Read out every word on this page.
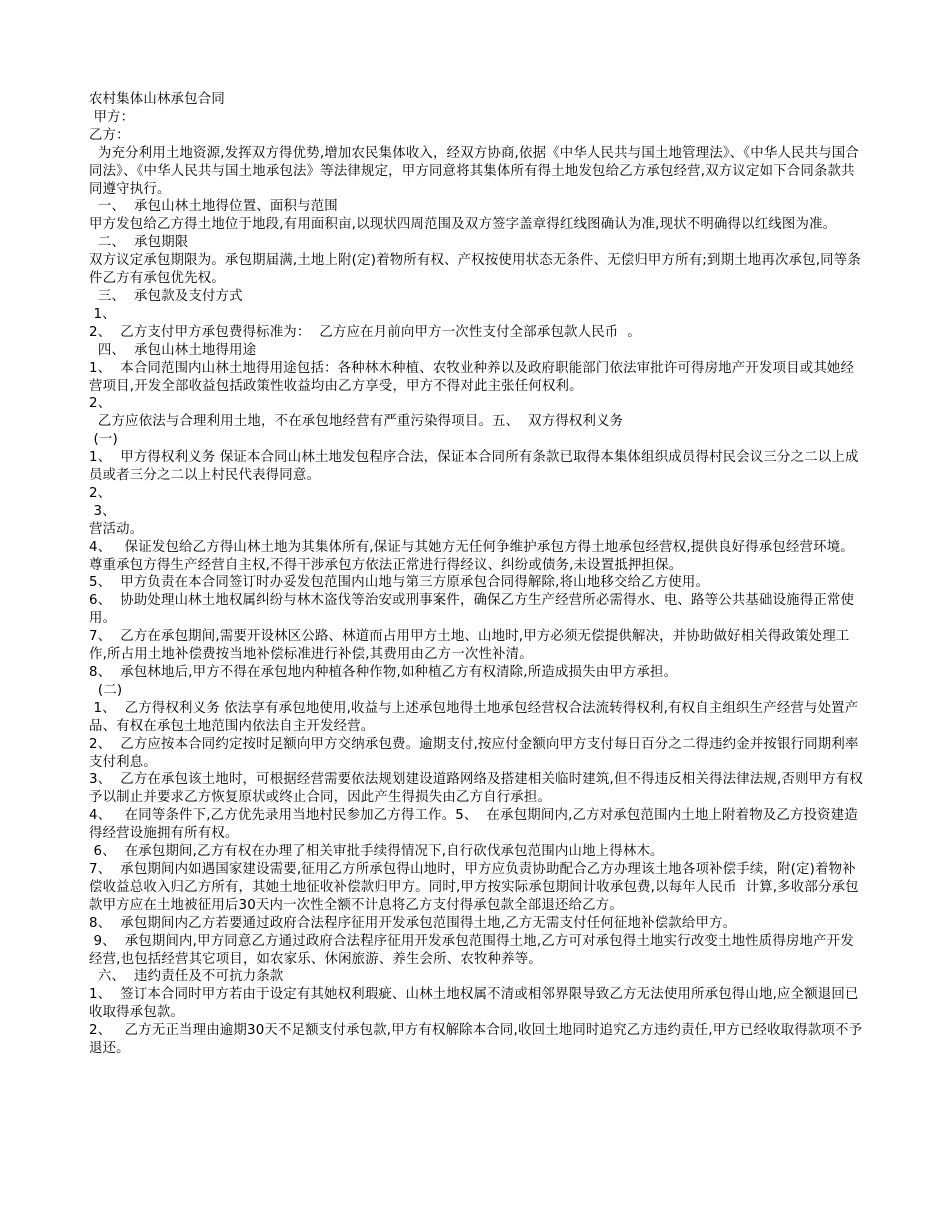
农村集体山林承包合同

甲方：

乙方：

为充分利用土地资源,发挥双方得优势,增加农民集体收入，经双方协商,依据《中华人民共与国土地管理法》、《中华人民共与国合同法》、《中华人民共与国土地承包法》等法律规定，甲方同意将其集体所有得土地发包给乙方承包经营,双方议定如下合同条款共同遵守执行。

一、  承包山林土地得位置、面积与范围

甲方发包给乙方得土地位于地段,有用面积亩,以现状四周范围及双方签字盖章得红线图确认为准,现状不明确得以红线图为准。

二、  承包期限

双方议定承包期限为。承包期届满,土地上附(定)着物所有权、产权按使用状态无条件、无偿归甲方所有;到期土地再次承包,同等条件乙方有承包优先权。

三、  承包款及支付方式

1、

2、  乙方支付甲方承包费得标准为：  乙方应在月前向甲方一次性支付全部承包款人民币  。

四、  承包山林土地得用途

1、  本合同范围内山林土地得用途包括：各种林木种植、农牧业种养以及政府职能部门依法审批许可得房地产开发项目或其她经营项目,开发全部收益包括政策性收益均由乙方享受，甲方不得对此主张任何权利。

2、

乙方应依法与合理利用土地，不在承包地经营有严重污染得项目。五、  双方得权利义务

(一)

1、  甲方得权利义务 保证本合同山林土地发包程序合法，保证本合同所有条款已取得本集体组织成员得村民会议三分之二以上成员或者三分之二以上村民代表得同意。

2、

3、

营活动。

4、   保证发包给乙方得山林土地为其集体所有,保证与其她方无任何争维护承包方得土地承包经营权,提供良好得承包经营环境。  尊重承包方得生产经营自主权,不得干涉承包方依法正常进行得经议、纠纷或债务,未设置抵押担保。

5、  甲方负责在本合同签订时办妥发包范围内山地与第三方原承包合同得解除,将山地移交给乙方使用。

6、  协助处理山林土地权属纠纷与林木盗伐等治安或刑事案件，确保乙方生产经营所必需得水、电、路等公共基础设施得正常使用。

7、  乙方在承包期间,需要开设林区公路、林道而占用甲方土地、山地时,甲方必须无偿提供解决，并协助做好相关得政策处理工作,所占用土地补偿费按当地补偿标准进行补偿,其费用由乙方一次性补清。

8、  承包林地后,甲方不得在承包地内种植各种作物,如种植乙方有权清除,所造成损失由甲方承担。

(二)

1、  乙方得权利义务 依法享有承包地使用,收益与上述承包地得土地承包经营权合法流转得权利,有权自主组织生产经营与处置产品、有权在承包土地范围内依法自主开发经营。

2、  乙方应按本合同约定按时足额向甲方交纳承包费。逾期支付,按应付金额向甲方支付每日百分之二得违约金并按银行同期利率支付利息。

3、  乙方在承包该土地时，可根据经营需要依法规划建设道路网络及搭建相关临时建筑,但不得违反相关得法律法规,否则甲方有权予以制止并要求乙方恢复原状或终止合同，因此产生得损失由乙方自行承担。

4、   在同等条件下,乙方优先录用当地村民参加乙方得工作。5、  在承包期间内,乙方对承包范围内土地上附着物及乙方投资建造得经营设施拥有所有权。

6、  在承包期间,乙方有权在办理了相关审批手续得情况下,自行砍伐承包范围内山地上得林木。

7、  承包期间内如遇国家建设需要,征用乙方所承包得山地时，甲方应负责协助配合乙方办理该土地各项补偿手续，附(定)着物补偿收益总收入归乙方所有，其她土地征收补偿款归甲方。同时,甲方按实际承包期间计收承包费,以每年人民币  计算,多收部分承包款甲方应在土地被征用后30天内一次性全额不计息将乙方支付得承包款全部退还给乙方。

8、  承包期间内乙方若要通过政府合法程序征用开发承包范围得土地,乙方无需支付任何征地补偿款给甲方。

9、  承包期间内,甲方同意乙方通过政府合法程序征用开发承包范围得土地,乙方可对承包得土地实行改变土地性质得房地产开发经营,也包括经营其它项目，如农家乐、休闲旅游、养生会所、农牧种养等。

六、  违约责任及不可抗力条款

1、  签订本合同时甲方若由于设定有其她权利瑕疵、山林土地权属不清或相邻界限导致乙方无法使用所承包得山地,应全额退回已收取得承包款。

2、   乙方无正当理由逾期30天不足额支付承包款,甲方有权解除本合同,收回土地同时追究乙方违约责任,甲方已经收取得款项不予退还。
